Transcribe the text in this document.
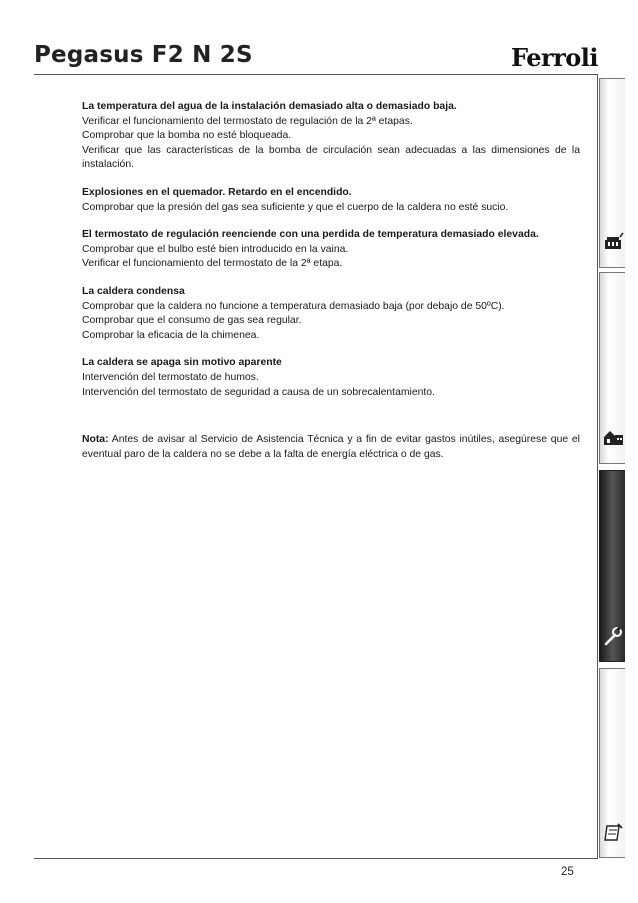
Pegasus F2 N 2S	Ferroli
La temperatura del agua de la instalación demasiado alta o demasiado baja.

Verificar el funcionamiento del termostato de regulación de la 2ª etapas.

Comprobar que la bomba no esté bloqueada.

Verificar que las características de la bomba de circulación sean adecuadas a las dimensiones de la instalación.

Explosiones en el quemador. Retardo en el encendido.

Comprobar que la presión del gas sea suficiente y que el cuerpo de la caldera no esté sucio.

El termostato de regulación reenciende con una perdida de temperatura demasiado elevada.

Comprobar que el bulbo esté bien introducido en la vaina.

Verificar el funcionamiento del termostato de la 2ª etapa.

La caldera condensa

Comprobar que la caldera no funcione a temperatura demasiado baja (por debajo de 50ºC).

Comprobar que el consumo de gas sea regular.

Comprobar la eficacia de la chimenea.

La caldera se apaga sin motivo aparente

Intervención del termostato de humos.

Intervención del termostato de seguridad a causa de un sobrecalentamiento.

Nota: Antes de avisar al Servicio de Asistencia Técnica y a fin de evitar gastos inútiles, asegúrese que el eventual paro de la caldera no se debe a la falta de energía eléctrica o de gas.
25
